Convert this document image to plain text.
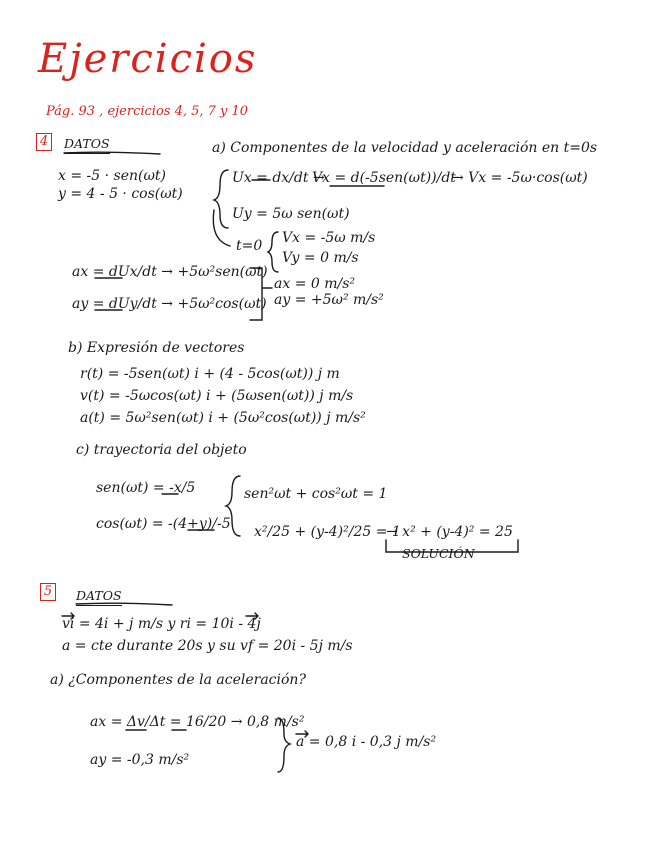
Ejercicios
Pág. 93 , ejercicios 4, 5, 7 y 10
4	DATOS
x = -5 · sen(ωt)
y = 4 - 5 · cos(ωt)
a) Componentes de la velocidad y aceleración en t=0s
Ux = dx/dt →
Vx = d(-5sen(ωt))/dt
→ Vx = -5ω·cos(ωt)
Uy = 5ω sen(ωt)
t=0 Vx = -5ω m/s
Vy = 0 m/s
ax = dUx/dt → +5ω²sen(ωt)
ay = dUy/dt → +5ω²cos(ωt)
ax = 0 m/s²
ay = +5ω² m/s²
b) Expresión de vectores
r(t) = -5sen(ωt) i + (4 - 5cos(ωt)) j m
v(t) = -5ωcos(ωt) i + (5ωsen(ωt)) j m/s
a(t) = 5ω²sen(ωt) i + (5ω²cos(ωt)) j m/s²
c) trayectoria del objeto
sen(ωt) = -x/5
cos(ωt) = -(4+y)/-5
sen²ωt + cos²ωt = 1
x²/25 + (y-4)²/25 = 1
→ x² + (y-4)² = 25
SOLUCIÓN
5	DATOS
vi = 4i + j m/s y ri = 10i - 4j
a = cte durante 20s y su vf = 20i - 5j m/s
a) ¿Componentes de la aceleración?
ax = Δv/Δt = 16/20 → 0,8 m/s²
ay = -0,3 m/s²
a = 0,8 i - 0,3 j m/s²
